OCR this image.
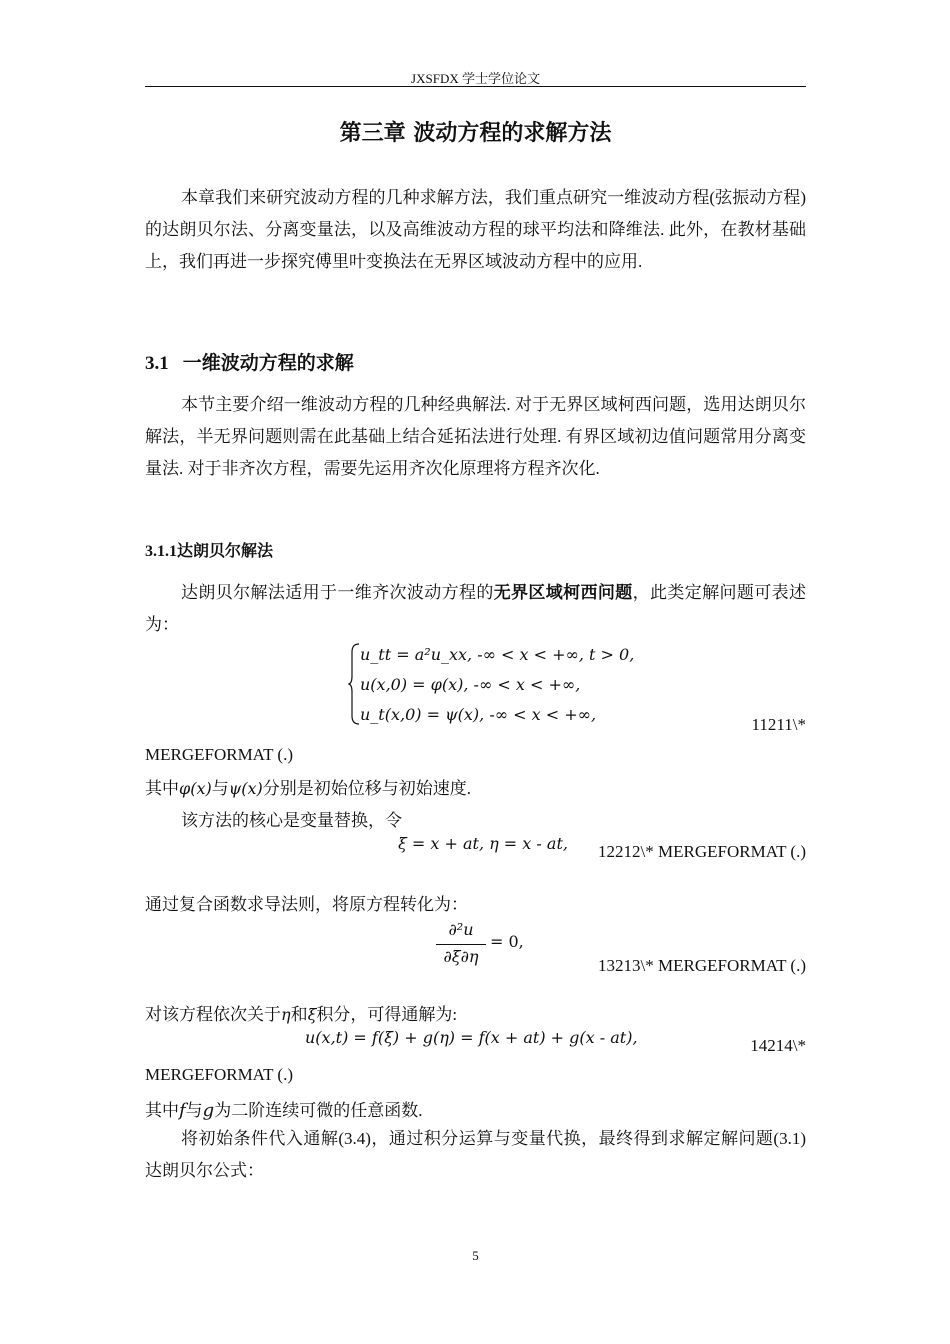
JXSFDX 学士学位论文
第三章 波动方程的求解方法
本章我们来研究波动方程的几种求解方法，我们重点研究一维波动方程(弦振动方程)的达朗贝尔法、分离变量法，以及高维波动方程的球平均法和降维法. 此外，在教材基础上，我们再进一步探究傅里叶变换法在无界区域波动方程中的应用.
3.1 一维波动方程的求解
本节主要介绍一维波动方程的几种经典解法. 对于无界区域柯西问题，选用达朗贝尔解法，半无界问题则需在此基础上结合延拓法进行处理. 有界区域初边值问题常用分离变量法. 对于非齐次方程，需要先运用齐次化原理将方程齐次化.
3.1.1达朗贝尔解法
达朗贝尔解法适用于一维齐次波动方程的无界区域柯西问题，此类定解问题可表述为：
u_tt = a²u_xx, -∞ < x < +∞, t > 0,
u(x,0) = φ(x), -∞ < x < +∞,
u_t(x,0) = ψ(x), -∞ < x < +∞,
11211\*
MERGEFORMAT (.)
其中φ(x)与ψ(x)分别是初始位移与初始速度.
该方法的核心是变量替换，令
ξ = x + at, η = x - at, 12212\* MERGEFORMAT (.)
通过复合函数求导法则，将原方程转化为：
∂²u
∂ξ∂η
= 0,
13213\* MERGEFORMAT (.)
对该方程依次关于η和ξ积分，可得通解为:
u(x,t) = f(ξ) + g(η) = f(x + at) + g(x - at),	14214\*
MERGEFORMAT (.)
其中f与g为二阶连续可微的任意函数.
将初始条件代入通解(3.4)，通过积分运算与变量代换，最终得到求解定解问题(3.1)达朗贝尔公式：
5
